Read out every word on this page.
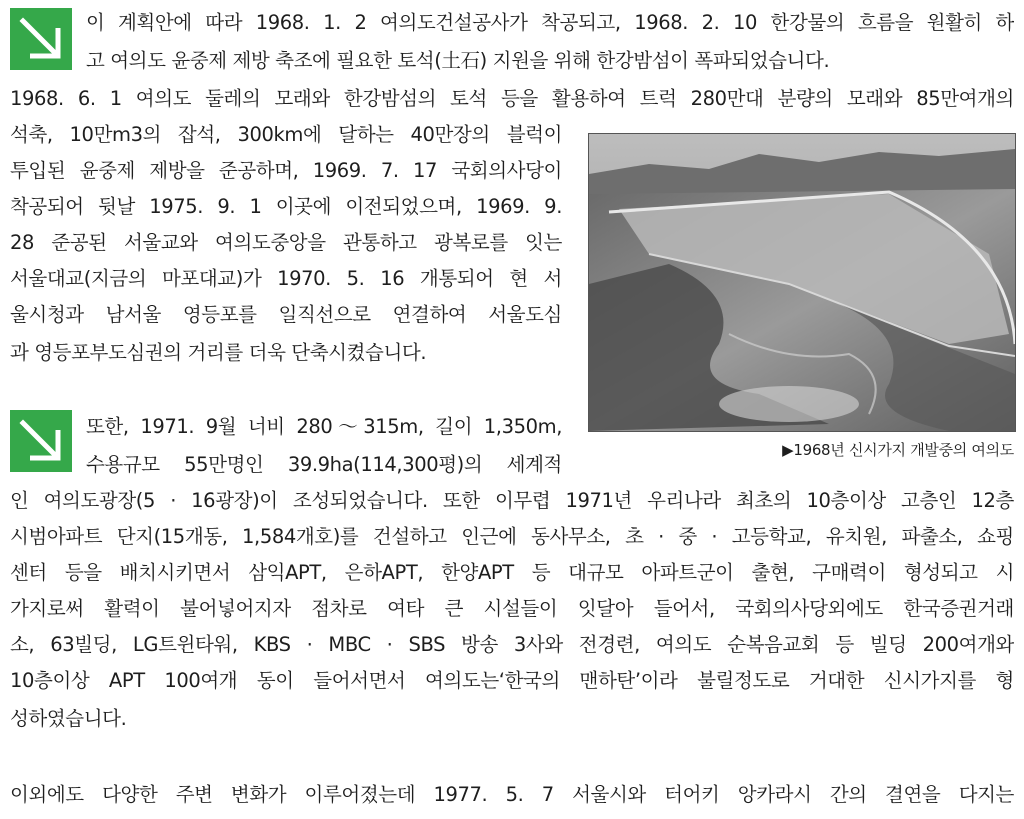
이 계획안에 따라 1968. 1. 2 여의도건설공사가 착공되고, 1968. 2. 10 한강물의 흐름을 원활히 하

고 여의도 윤중제 제방 축조에 필요한 토석(土石) 지원을 위해 한강밤섬이 폭파되었습니다.

1968. 6. 1 여의도 둘레의 모래와 한강밤섬의 토석 등을 활용하여 트럭 280만대 분량의 모래와 85만여개의

석축, 10만m3의 잡석, 300km에 달하는 40만장의 블럭이

투입된 윤중제 제방을 준공하며, 1969. 7. 17 국회의사당이

착공되어 뒷날 1975. 9. 1 이곳에 이전되었으며, 1969. 9.

28 준공된 서울교와 여의도중앙을 관통하고 광복로를 잇는

서울대교(지금의 마포대교)가 1970. 5. 16 개통되어 현 서

울시청과 남서울 영등포를 일직선으로 연결하여 서울도심

과 영등포부도심권의 거리를 더욱 단축시켰습니다.

▶1968년 신시가지 개발중의 여의도

또한, 1971. 9월 너비 280～315m, 길이 1,350m,

수용규모 55만명인 39.9ha(114,300평)의 세계적

인 여의도광장(5 · 16광장)이 조성되었습니다. 또한 이무렵 1971년 우리나라 최초의 10층이상 고층인 12층

시범아파트 단지(15개동, 1,584개호)를 건설하고 인근에 동사무소, 초 · 중 · 고등학교, 유치원, 파출소, 쇼핑

센터 등을 배치시키면서 삼익APT, 은하APT, 한양APT 등 대규모 아파트군이 출현, 구매력이 형성되고 시

가지로써 활력이 불어넣어지자 점차로 여타 큰 시설들이 잇달아 들어서, 국회의사당외에도 한국증권거래

소, 63빌딩, LG트윈타워, KBS · MBC · SBS 방송 3사와 전경련, 여의도 순복음교회 등 빌딩 200여개와

10층이상 APT 100여개 동이 들어서면서 여의도는‘한국의 맨하탄’이라 불릴정도로 거대한 신시가지를 형

성하였습니다.

이외에도 다양한 주변 변화가 이루어졌는데 1977. 5. 7 서울시와 터어키 앙카라시 간의 결연을 다지는
